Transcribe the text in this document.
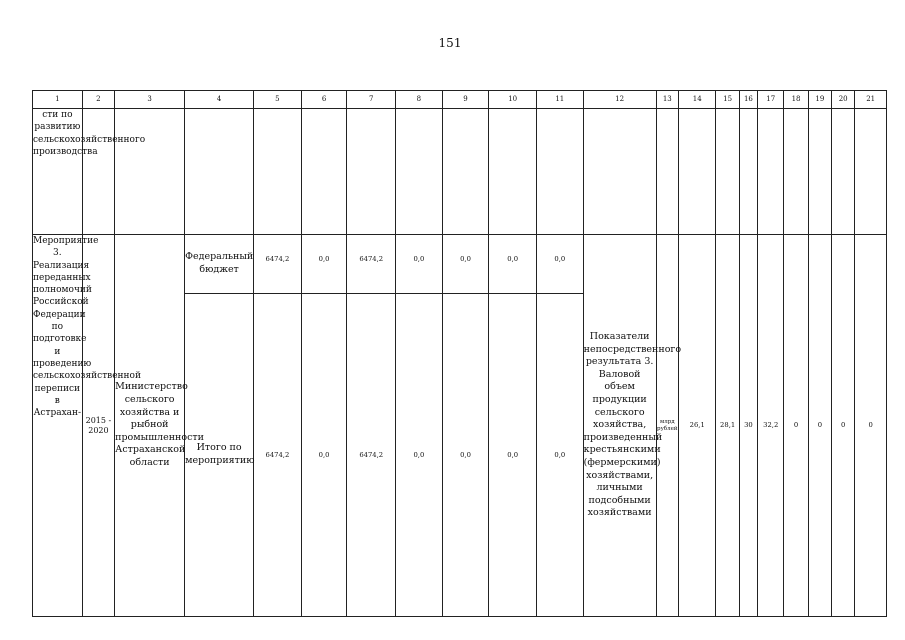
151
1	2	3	4	5	6	7	8	9	10	11	12	13	14	15	16	17	18	19	20	21
сти по развитию сельскохозяйственного производства																				
Мероприятие 3. Реализация переданных полномочий Российской Федерации по подготовке и проведению сельскохозяйственной переписи в Астрахан-	2015 - 2020	Министерство сельского хозяйства и рыбной промышленности Астраханской области	Федеральный бюджет	6474,2	0,0	6474,2	0,0	0,0	0,0	0,0	Показатели непосредственного результата 3. Валовой объем продукции сельского хозяйства, произведенный крестьянскими (фермерскими) хозяйствами, личными подсобными хозяйствами	млрд рублей	26,1	28,1	30	32,2	0	0	0	0
			Итого по мероприятию	6474,2	0,0	6474,2	0,0	0,0	0,0	0,0										
